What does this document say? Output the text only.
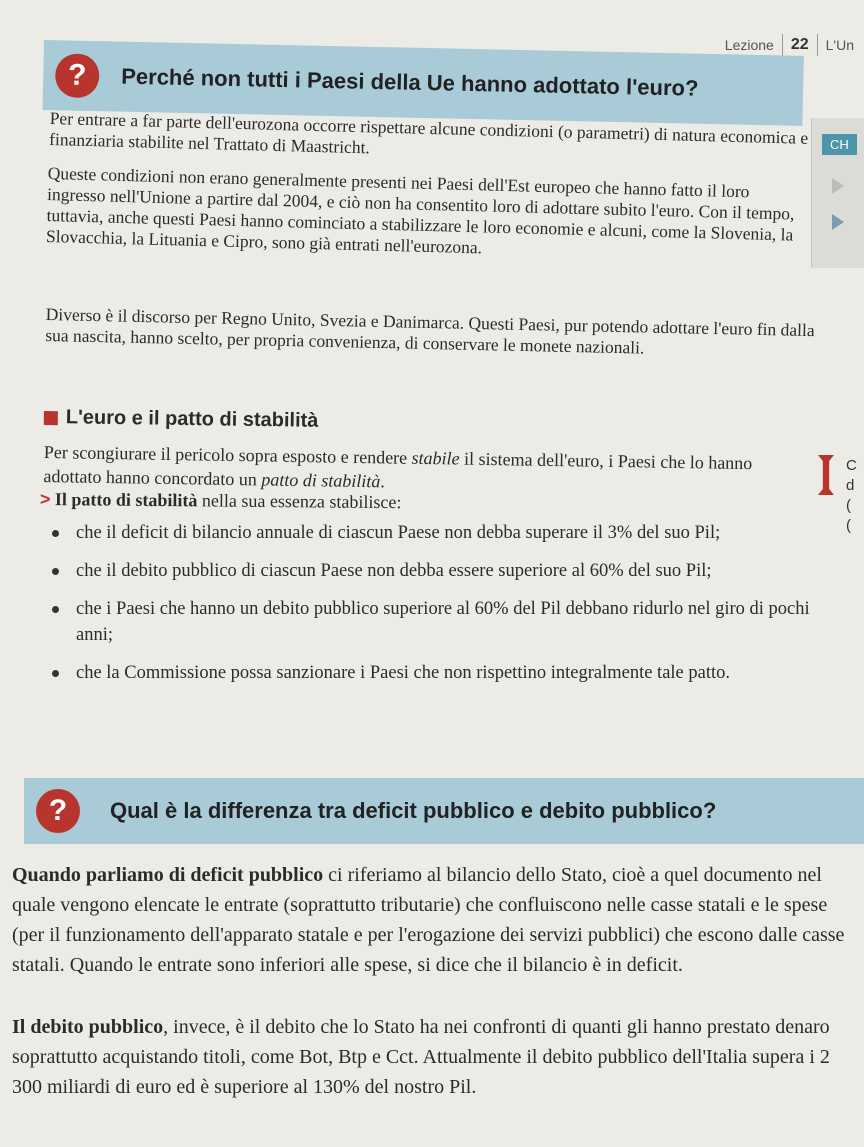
Lezione 22 L'Un
CH
?	Perché non tutti i Paesi della Ue hanno adottato l'euro?

Per entrare a far parte dell'eurozona occorre rispettare alcune condizioni (o parametri) di natura economica e finanziaria stabilite nel Trattato di Maastricht.

Queste condizioni non erano generalmente presenti nei Paesi dell'Est europeo che hanno fatto il loro ingresso nell'Unione a partire dal 2004, e ciò non ha consentito loro di adottare subito l'euro. Con il tempo, tuttavia, anche questi Paesi hanno cominciato a stabilizzare le loro economie e alcuni, come la Slovenia, la Slovacchia, la Lituania e Cipro, sono già entrati nell'eurozona.

Diverso è il discorso per Regno Unito, Svezia e Danimarca. Questi Paesi, pur potendo adottare l'euro fin dalla sua nascita, hanno scelto, per propria convenienza, di conservare le monete nazionali.

L'euro e il patto di stabilità

Per scongiurare il pericolo sopra esposto e rendere stabile il sistema dell'euro, i Paesi che lo hanno adottato hanno concordato un patto di stabilità.

> Il patto di stabilità nella sua essenza stabilisce:
che il deficit di bilancio annuale di ciascun Paese non debba superare il 3% del suo Pil;
che il debito pubblico di ciascun Paese non debba essere superiore al 60% del suo Pil;
che i Paesi che hanno un debito pubblico superiore al 60% del Pil debbano ridurlo nel giro di pochi anni;
che la Commissione possa sanzionare i Paesi che non rispettino integralmente tale patto.
C
d
(
(
?	Qual è la differenza tra deficit pubblico e debito pubblico?

Quando parliamo di deficit pubblico ci riferiamo al bilancio dello Stato, cioè a quel documento nel quale vengono elencate le entrate (soprattutto tributarie) che confluiscono nelle casse statali e le spese (per il funzionamento dell'apparato statale e per l'erogazione dei servizi pubblici) che escono dalle casse statali. Quando le entrate sono inferiori alle spese, si dice che il bilancio è in deficit.

Il debito pubblico, invece, è il debito che lo Stato ha nei confronti di quanti gli hanno prestato denaro soprattutto acquistando titoli, come Bot, Btp e Cct. Attualmente il debito pubblico dell'Italia supera i 2 300 miliardi di euro ed è superiore al 130% del nostro Pil.
